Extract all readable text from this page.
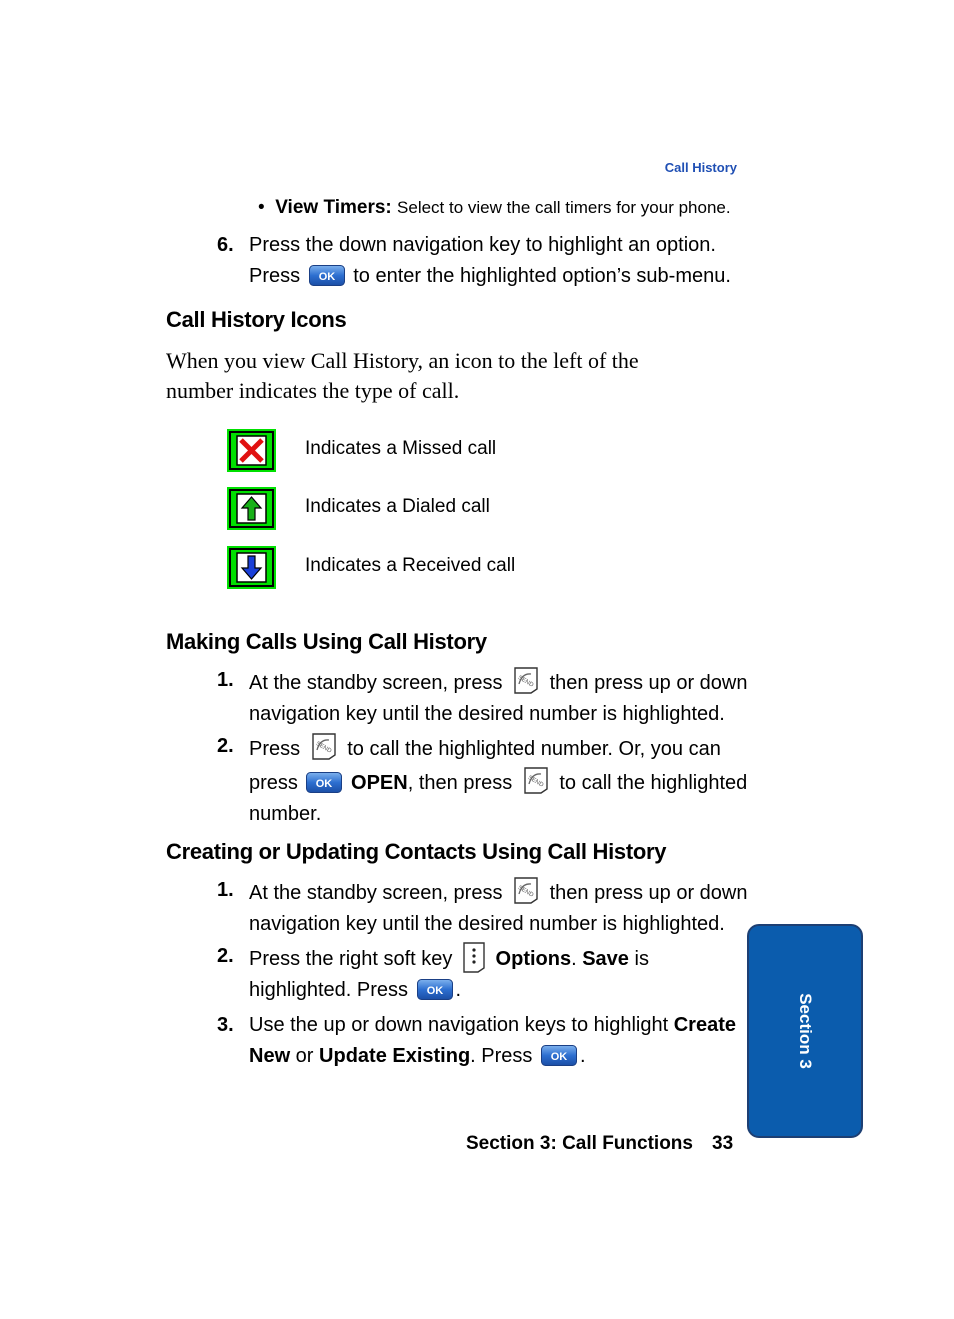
Call History
•  View Timers: Select to view the call timers for your phone.
6. Press the down navigation key to highlight an option.
Press	to enter the highlighted option’s sub-menu.
Call History Icons
When you view Call History, an icon to the left of the
number indicates the type of call.
Indicates a Missed call
Indicates a Dialed call
Indicates a Received call
Making Calls Using Call History
1. At the standby screen, press then press up or down
navigation key until the desired number is highlighted.
2. Press to call the highlighted number. Or, you can
press	OPEN, then press to call the highlighted
number.
Creating or Updating Contacts Using Call History
1. At the standby screen, press then press up or down
navigation key until the desired number is highlighted.
2. Press the right soft key Options. Save is
highlighted. Press .
3. Use the up or down navigation keys to highlight Create
New or Update Existing. Press .	Section 3
Section 3: Call Functions 33
